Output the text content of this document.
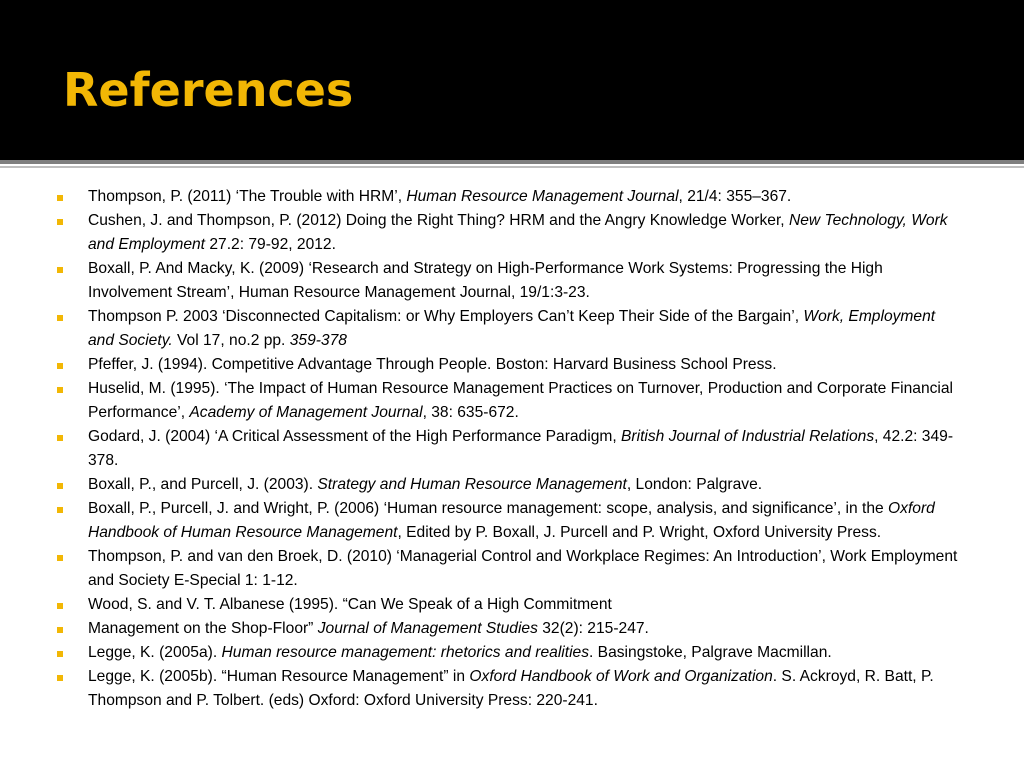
References
Thompson, P. (2011) ‘The Trouble with HRM’, Human Resource Management Journal, 21/4: 355–367.
Cushen, J. and Thompson, P. (2012) Doing the Right Thing? HRM and the Angry Knowledge Worker, New Technology, Work and Employment 27.2: 79-92, 2012.
Boxall, P. And Macky, K. (2009) ‘Research and Strategy on High-Performance Work Systems: Progressing the High Involvement Stream’, Human Resource Management Journal, 19/1:3-23.
Thompson P. 2003 ‘Disconnected Capitalism: or Why Employers Can’t Keep Their Side of the Bargain’, Work, Employment and Society. Vol 17, no.2 pp. 359-378
Pfeffer, J. (1994). Competitive Advantage Through People. Boston: Harvard Business School Press.
Huselid, M. (1995). ‘The Impact of Human Resource Management Practices on Turnover, Production and Corporate Financial Performance’, Academy of Management Journal, 38: 635-672.
Godard, J. (2004) ‘A Critical Assessment of the High Performance Paradigm, British Journal of Industrial Relations, 42.2: 349-378.
Boxall, P., and Purcell, J. (2003). Strategy and Human Resource Management, London: Palgrave.
Boxall, P., Purcell, J. and Wright, P. (2006) ‘Human resource management: scope, analysis, and significance’, in the Oxford Handbook of Human Resource Management, Edited by P. Boxall, J. Purcell and P. Wright, Oxford University Press.
Thompson, P. and van den Broek, D. (2010) ‘Managerial Control and Workplace Regimes: An Introduction’, Work Employment and Society E-Special 1: 1-12.
Wood, S. and V. T. Albanese (1995). “Can We Speak of a High Commitment
Management on the Shop-Floor” Journal of Management Studies 32(2): 215-247.
Legge, K. (2005a). Human resource management: rhetorics and realities. Basingstoke, Palgrave Macmillan.
Legge, K. (2005b). “Human Resource Management” in Oxford Handbook of Work and Organization. S. Ackroyd, R. Batt, P. Thompson and P. Tolbert. (eds) Oxford: Oxford University Press: 220-241.
